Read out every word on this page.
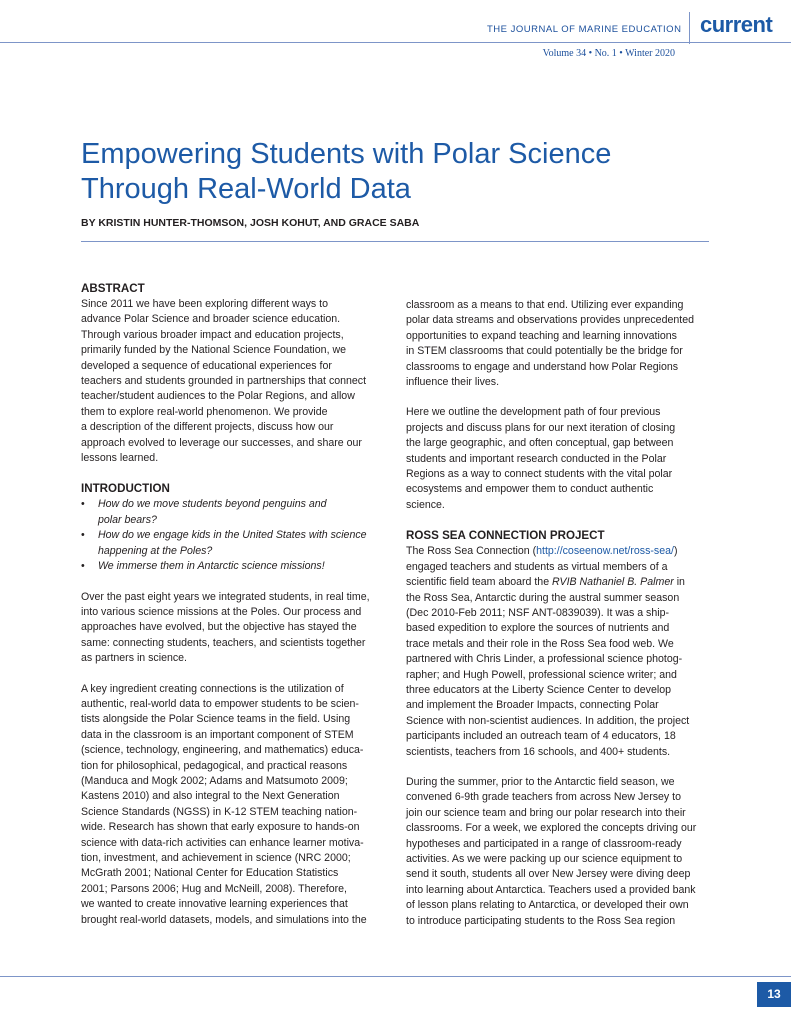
THE JOURNAL OF MARINE EDUCATION current
Volume 34 • No. 1 • Winter 2020
Empowering Students with Polar Science
Through Real-World Data
BY KRISTIN HUNTER-THOMSON, JOSH KOHUT, AND GRACE SABA
ABSTRACT

Since 2011 we have been exploring different ways to
advance Polar Science and broader science education.
Through various broader impact and education projects,
primarily funded by the National Science Foundation, we
developed a sequence of educational experiences for
teachers and students grounded in partnerships that connect
teacher/student audiences to the Polar Regions, and allow
them to explore real-world phenomenon. We provide
a description of the different projects, discuss how our
approach evolved to leverage our successes, and share our
lessons learned.

INTRODUCTION
• How do we move students beyond penguins and
polar bears?
• How do we engage kids in the United States with science
happening at the Poles?
• We immerse them in Antarctic science missions!

Over the past eight years we integrated students, in real time,
into various science missions at the Poles. Our process and
approaches have evolved, but the objective has stayed the
same: connecting students, teachers, and scientists together
as partners in science.

A key ingredient creating connections is the utilization of
authentic, real-world data to empower students to be scien-
tists alongside the Polar Science teams in the field. Using
data in the classroom is an important component of STEM
(science, technology, engineering, and mathematics) educa-
tion for philosophical, pedagogical, and practical reasons
(Manduca and Mogk 2002; Adams and Matsumoto 2009;
Kastens 2010) and also integral to the Next Generation
Science Standards (NGSS) in K-12 STEM teaching nation-
wide. Research has shown that early exposure to hands-on
science with data-rich activities can enhance learner motiva-
tion, investment, and achievement in science (NRC 2000;
McGrath 2001; National Center for Education Statistics
2001; Parsons 2006; Hug and McNeill, 2008). Therefore,
we wanted to create innovative learning experiences that
brought real-world datasets, models, and simulations into the

classroom as a means to that end. Utilizing ever expanding
polar data streams and observations provides unprecedented
opportunities to expand teaching and learning innovations
in STEM classrooms that could potentially be the bridge for
classrooms to engage and understand how Polar Regions
influence their lives.

Here we outline the development path of four previous
projects and discuss plans for our next iteration of closing
the large geographic, and often conceptual, gap between
students and important research conducted in the Polar
Regions as a way to connect students with the vital polar
ecosystems and empower them to conduct authentic
science.

ROSS SEA CONNECTION PROJECT

The Ross Sea Connection (http://coseenow.net/ross-sea/)
engaged teachers and students as virtual members of a
scientific field team aboard the RVIB Nathaniel B. Palmer in
the Ross Sea, Antarctic during the austral summer season
(Dec 2010-Feb 2011; NSF ANT-0839039). It was a ship-
based expedition to explore the sources of nutrients and
trace metals and their role in the Ross Sea food web. We
partnered with Chris Linder, a professional science photog-
rapher; and Hugh Powell, professional science writer; and
three educators at the Liberty Science Center to develop
and implement the Broader Impacts, connecting Polar
Science with non-scientist audiences. In addition, the project
participants included an outreach team of 4 educators, 18
scientists, teachers from 16 schools, and 400+ students.

During the summer, prior to the Antarctic field season, we
convened 6-9th grade teachers from across New Jersey to
join our science team and bring our polar research into their
classrooms. For a week, we explored the concepts driving our
hypotheses and participated in a range of classroom-ready
activities. As we were packing up our science equipment to
send it south, students all over New Jersey were diving deep
into learning about Antarctica. Teachers used a provided bank
of lesson plans relating to Antarctica, or developed their own
to introduce participating students to the Ross Sea region

13
